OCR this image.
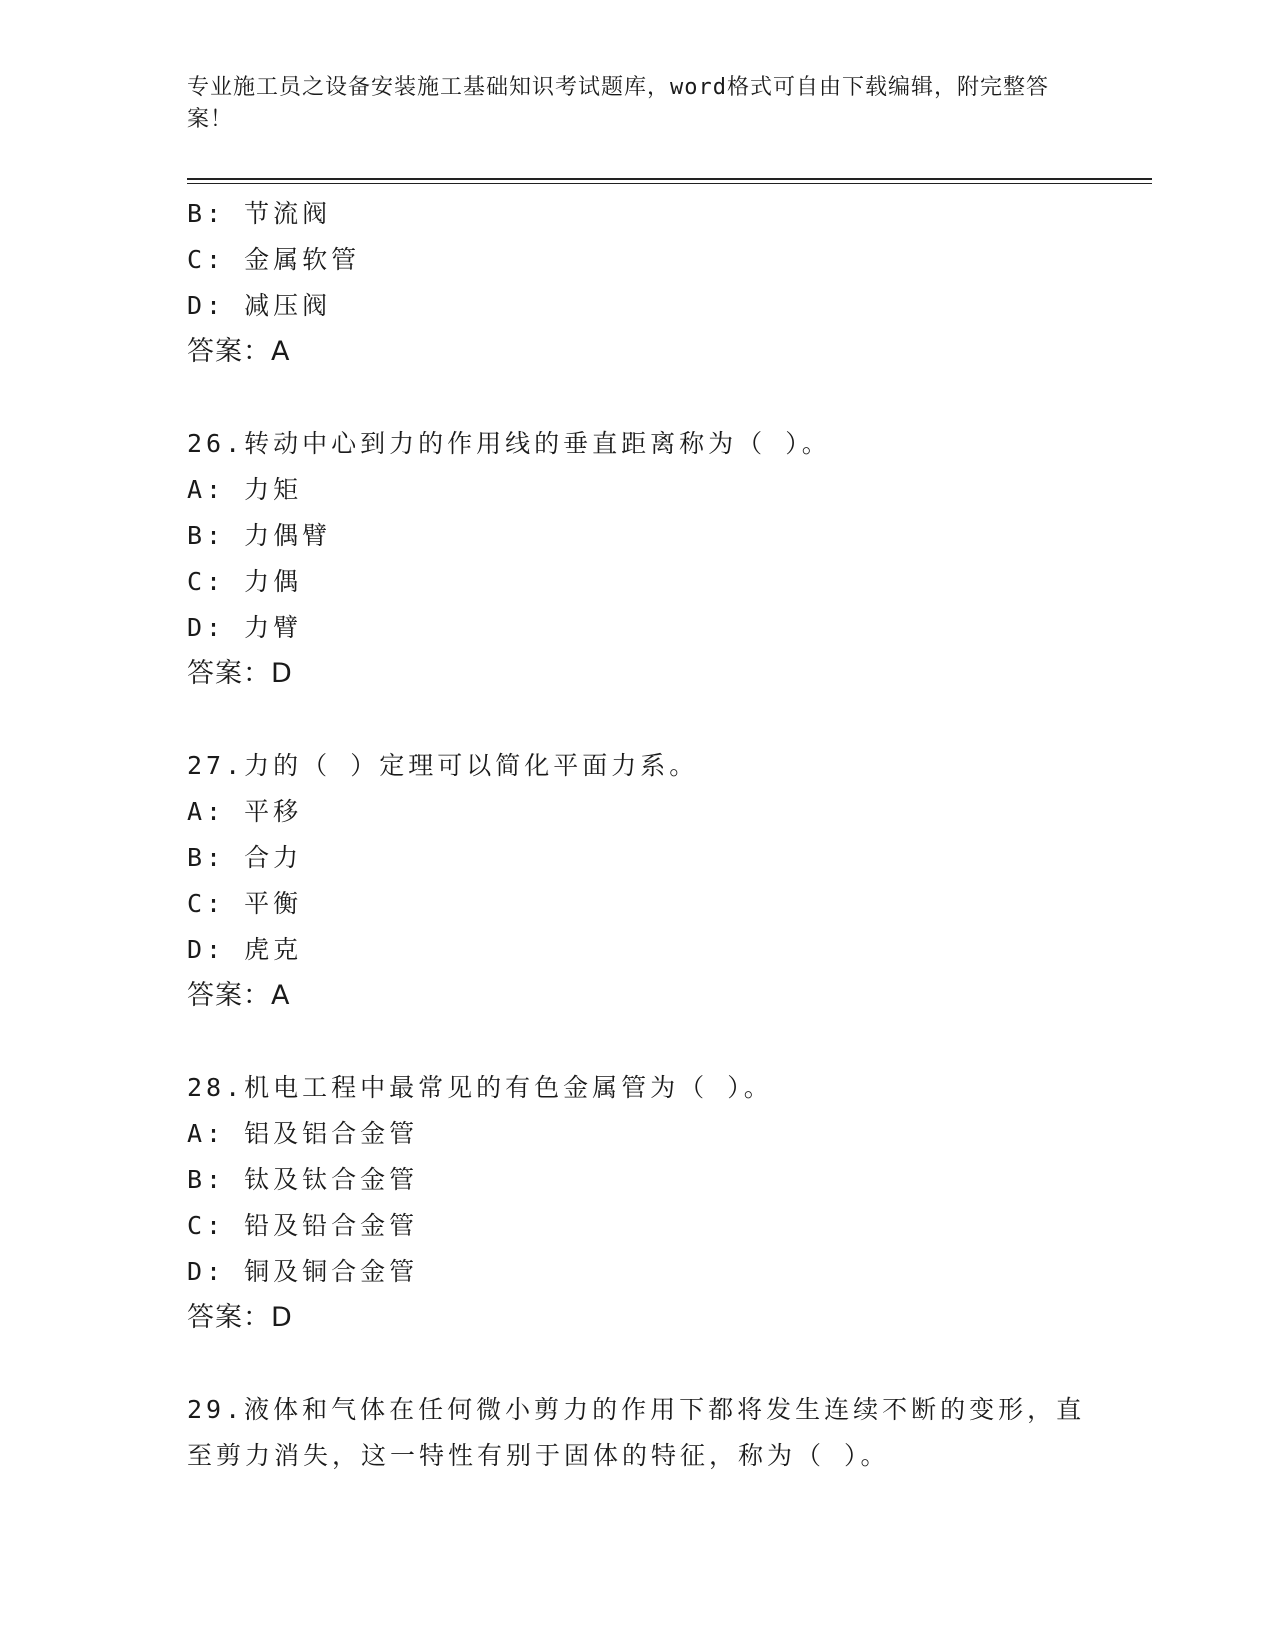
专业施工员之设备安装施工基础知识考试题库，word格式可自由下载编辑，附完整答案！
B: 节流阀
C: 金属软管
D: 减压阀
答案：A
26.转动中心到力的作用线的垂直距离称为（ ）。
A: 力矩
B: 力偶臂
C: 力偶
D: 力臂
答案：D
27.力的（ ）定理可以简化平面力系。
A: 平移
B: 合力
C: 平衡
D: 虎克
答案：A
28.机电工程中最常见的有色金属管为（ ）。
A: 铝及铝合金管
B: 钛及钛合金管
C: 铅及铅合金管
D: 铜及铜合金管
答案：D
29.液体和气体在任何微小剪力的作用下都将发生连续不断的变形，直至剪力消失，这一特性有别于固体的特征，称为（ ）。
